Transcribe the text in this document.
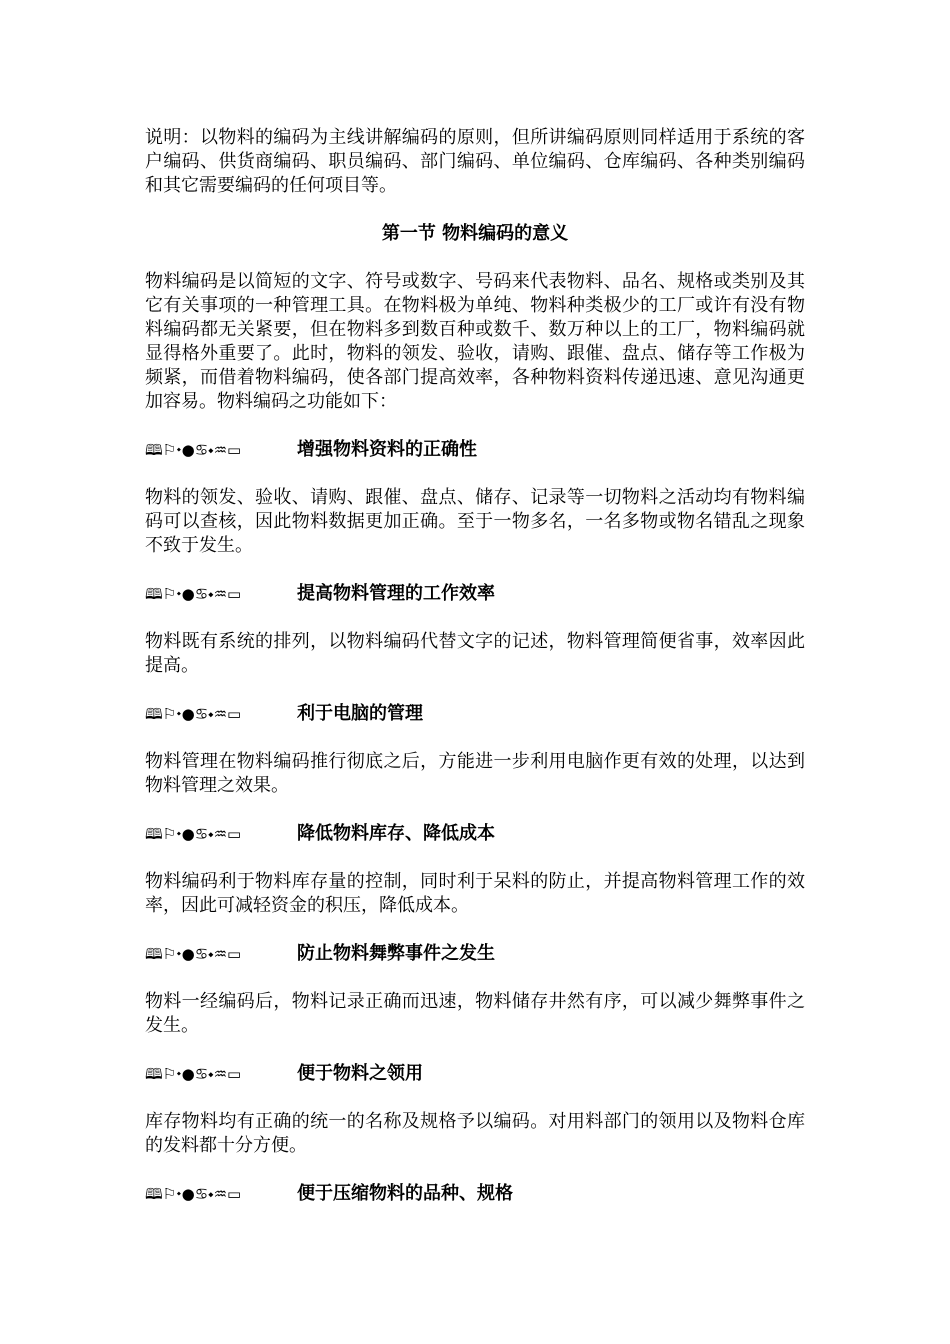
说明：以物料的编码为主线讲解编码的原则，但所讲编码原则同样适用于系统的客户编码、供货商编码、职员编码、部门编码、单位编码、仓库编码、各种类别编码和其它需要编码的任何项目等。

第一节 物料编码的意义

物料编码是以简短的文字、符号或数字、号码来代表物料、品名、规格或类别及其它有关事项的一种管理工具。在物料极为单纯、物料种类极少的工厂或许有没有物料编码都无关紧要，但在物料多到数百种或数千、数万种以上的工厂，物料编码就显得格外重要了。此时，物料的领发、验收，请购、跟催、盘点、储存等工作极为频紧，而借着物料编码，使各部门提高效率，各种物料资料传递迅速、意见沟通更加容易。物料编码之功能如下：

🕮⚐⬩●♋⬩♒▭	增强物料资料的正确性

物料的领发、验收、请购、跟催、盘点、储存、记录等一切物料之活动均有物料编码可以查核，因此物料数据更加正确。至于一物多名，一名多物或物名错乱之现象不致于发生。

🕮⚐⬩●♋⬩♒▭	提高物料管理的工作效率

物料既有系统的排列，以物料编码代替文字的记述，物料管理简便省事，效率因此提高。

🕮⚐⬩●♋⬩♒▭	利于电脑的管理

物料管理在物料编码推行彻底之后，方能进一步利用电脑作更有效的处理，以达到物料管理之效果。

🕮⚐⬩●♋⬩♒▭	降低物料库存、降低成本

物料编码利于物料库存量的控制，同时利于呆料的防止，并提高物料管理工作的效率，因此可减轻资金的积压，降低成本。

🕮⚐⬩●♋⬩♒▭	防止物料舞弊事件之发生

物料一经编码后，物料记录正确而迅速，物料储存井然有序，可以减少舞弊事件之发生。

🕮⚐⬩●♋⬩♒▭	便于物料之领用

库存物料均有正确的统一的名称及规格予以编码。对用料部门的领用以及物料仓库的发料都十分方便。

🕮⚐⬩●♋⬩♒▭	便于压缩物料的品种、规格
